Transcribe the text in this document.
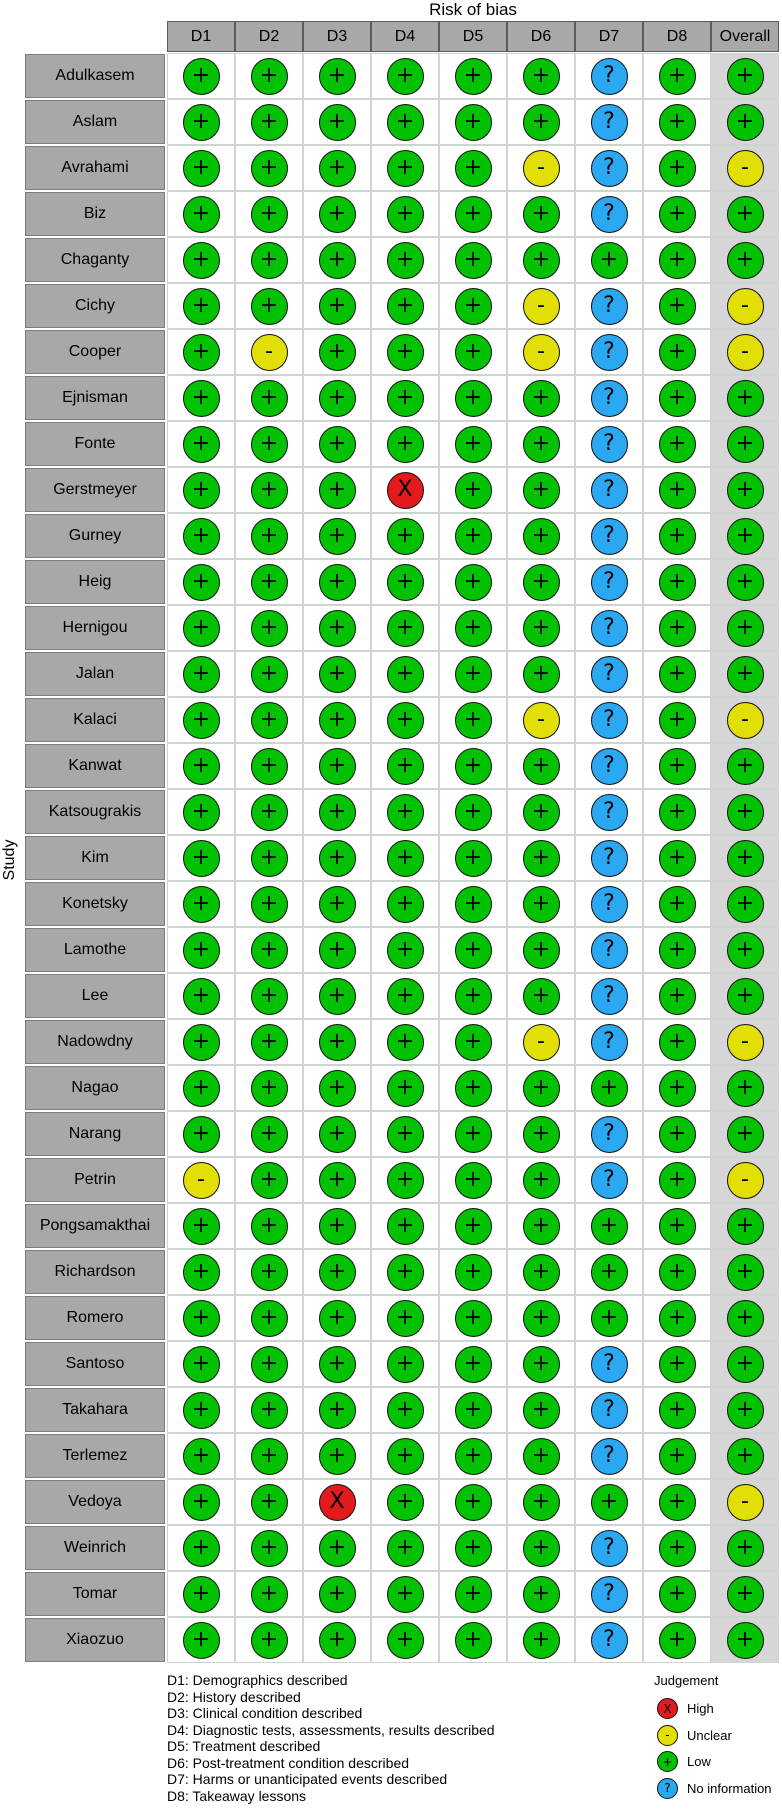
Risk of bias
Study
D1	D2	D3	D4	D5	D6	D7	D8	Overall
Adulkasem	+	+	+	+	+	+	?	+	+
Aslam	+	+	+	+	+	+	?	+	+
Avrahami	+	+	+	+	+	-	?	+	-
Biz	+	+	+	+	+	+	?	+	+
Chaganty	+	+	+	+	+	+	+	+	+
Cichy	+	+	+	+	+	-	?	+	-
Cooper	+	-	+	+	+	-	?	+	-
Ejnisman	+	+	+	+	+	+	?	+	+
Fonte	+	+	+	+	+	+	?	+	+
Gerstmeyer	+	+	+	X	+	+	?	+	+
Gurney	+	+	+	+	+	+	?	+	+
Heig	+	+	+	+	+	+	?	+	+
Hernigou	+	+	+	+	+	+	?	+	+
Jalan	+	+	+	+	+	+	?	+	+
Kalaci	+	+	+	+	+	-	?	+	-
Kanwat	+	+	+	+	+	+	?	+	+
Katsougrakis	+	+	+	+	+	+	?	+	+
Kim	+	+	+	+	+	+	?	+	+
Konetsky	+	+	+	+	+	+	?	+	+
Lamothe	+	+	+	+	+	+	?	+	+
Lee	+	+	+	+	+	+	?	+	+
Nadowdny	+	+	+	+	+	-	?	+	-
Nagao	+	+	+	+	+	+	+	+	+
Narang	+	+	+	+	+	+	?	+	+
Petrin	-	+	+	+	+	+	?	+	-
Pongsamakthai	+	+	+	+	+	+	+	+	+
Richardson	+	+	+	+	+	+	+	+	+
Romero	+	+	+	+	+	+	+	+	+
Santoso	+	+	+	+	+	+	?	+	+
Takahara	+	+	+	+	+	+	?	+	+
Terlemez	+	+	+	+	+	+	?	+	+
Vedoya	+	+	X	+	+	+	+	+	-
Weinrich	+	+	+	+	+	+	?	+	+
Tomar	+	+	+	+	+	+	?	+	+
Xiaozuo	+	+	+	+	+	+	?	+	+
D1: Demographics described
D2: History described
D3: Clinical condition described
D4: Diagnostic tests, assessments, results described
D5: Treatment described
D6: Post-treatment condition described
D7: Harms or unanticipated events described
D8: Takeaway lessons
Judgement
X	High
-	Unclear
+	Low
?	No information
